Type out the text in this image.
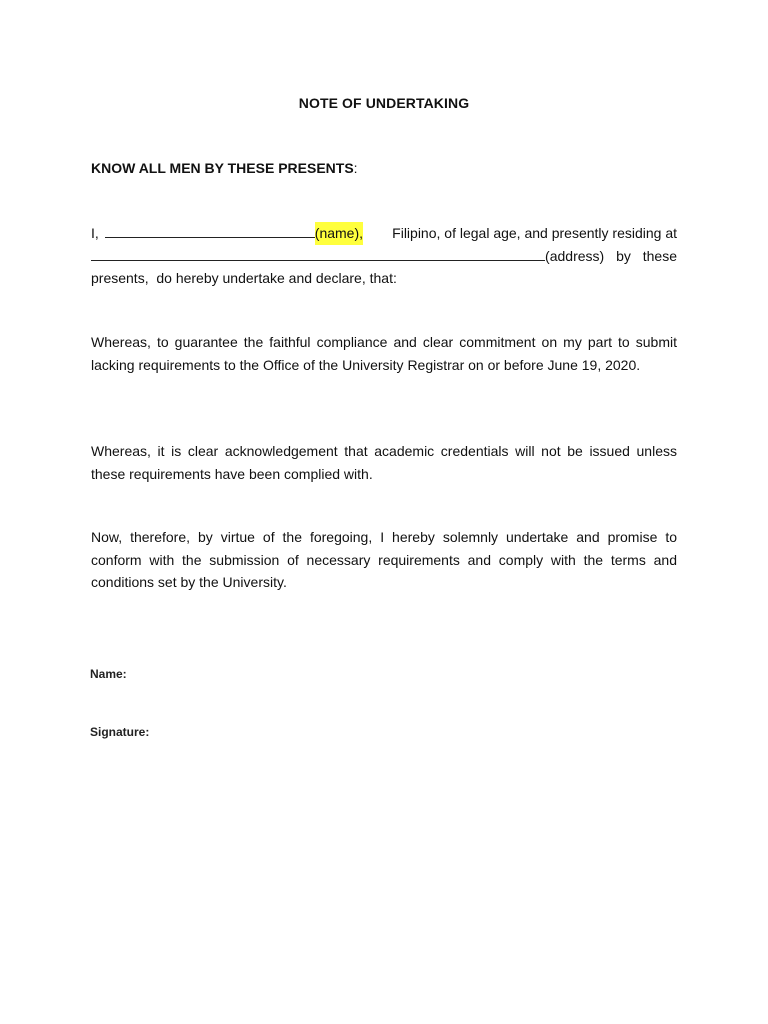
NOTE OF UNDERTAKING
KNOW ALL MEN BY THESE PRESENTS:
I,	(name), Filipino, of legal age, and presently residing at
(address) by these
presents,  do hereby undertake and declare, that:
Whereas, to guarantee the faithful compliance and clear commitment on my part to submit lacking requirements to the Office of the University Registrar on or before June 19, 2020.
Whereas, it is clear acknowledgement that academic credentials will not be issued unless these requirements have been complied with.
Now, therefore, by virtue of the foregoing, I hereby solemnly undertake and promise to conform with the submission of necessary requirements and comply with the terms and conditions set by the University.
Name:
Signature:
